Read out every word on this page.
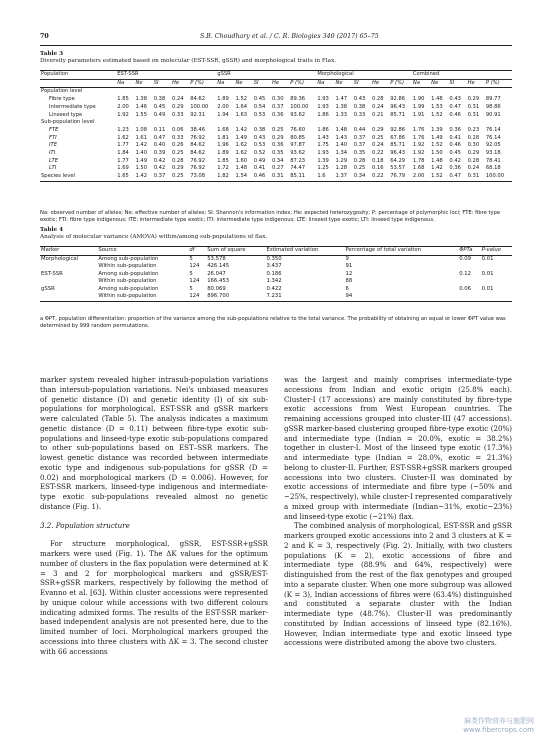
70	S.B. Choudhary et al. / C. R. Biologies 340 (2017) 65–75
Table 3
Diversity parameters estimated based on molecular (EST-SSR, gSSR) and morphological traits in Flax.
Population	EST-SSR					gSSR					Morphological					Combined				
	Na	Ne	SI	He	P (%)	Na	Ne	SI	He	P (%)	Na	Ne	SI	He	P (%)	Na	Ne	SI	He	P (%)
Population level																				
Fibre type	1.85	1.38	0.38	0.24	84.62	1.89	1.52	0.45	0.30	89.36	1.93	1.47	0.43	0.28	92.86	1.90	1.48	0.43	0.29	89.77
Intermediate type	2.00	1.46	0.45	0.29	100.00	2.00	1.64	0.54	0.37	100.00	1.93	1.38	0.38	0.24	96.43	1.99	1.53	0.47	0.31	98.86
Linseed type	1.92	1.55	0.49	0.33	92.31	1.94	1.63	0.53	0.36	93.62	1.86	1.33	0.33	0.21	85.71	1.91	1.52	0.46	0.31	90.91
Sub-population level																				
FTE	1.23	1.08	0.11	0.06	38.46	1.68	1.42	0.38	0.25	76.60	1.86	1.48	0.44	0.29	92.86	1.76	1.39	0.36	0.23	76.14
FTI	1.62	1.61	0.47	0.33	76.92	1.81	1.49	0.43	0.29	80.85	1.43	1.43	0.37	0.25	67.86	1.76	1.49	0.41	0.28	76.14
ITE	1.77	1.42	0.40	0.26	84.62	1.96	1.62	0.53	0.36	97.87	1.75	1.40	0.37	0.24	85.71	1.92	1.52	0.46	0.30	92.05
ITI	1.84	1.40	0.39	0.25	84.62	1.89	1.62	0.52	0.35	93.62	1.93	1.34	0.35	0.22	96.43	1.92	1.50	0.45	0.29	93.18
LTE	1.77	1.49	0.42	0.28	76.92	1.85	1.60	0.49	0.34	87.23	1.39	1.29	0.28	0.18	64.29	1.78	1.48	0.42	0.28	78.41
LTI	1.69	1.50	0.42	0.29	76.92	1.72	1.48	0.41	0.27	74.47	1.25	1.28	0.25	0.16	53.57	1.68	1.42	0.36	0.24	68.18
Species level	1.65	1.42	0.37	0.25	73.08	1.82	1.54	0.46	0.31	85.11	1.6	1.37	0.34	0.22	76.79	2.00	1.52	0.47	0.31	100.00
Na: observed number of alleles; Ne: effective number of alleles; SI: Shannon's information index; He: expected heterozygosity; P: percentage of polymorphic loci; FTE: fibre type exotic; FTI: fibre type indigenous; ITE: intermediate type exotic; ITI: intermediate type indigenous; LTE: linseed type exotic; LTI: linseed type indigenous.
Table 4
Analysis of molecular variance (AMOVA) within/among sub-populations of flax.
Marker	Source	df	Sum of square	Estimated variation	Percentage of total variation	ΦPTa	P-value
Morphological	Among sub-population	5	53.578	0.350	9	0.09	0.01
	Within sub-population	124	426.145	3.437	91		
EST-SSR	Among sub-population	5	26.047	0.186	12	0.12	0.01
	Within sub-population	124	166.453	1.342	88		
gSSR	Among sub-population	5	80.069	0.422	6	0.06	0.01
	Within sub-population	124	896.700	7.231	94		
a ΦPT, population differentiation: proportion of the variance among the sub-populations relative to the total variance. The probability of obtaining an equal or lower ΦPT value was determined by 999 random permutations.

marker system revealed higher intrasub-population variations than intersub-population variations. Nei's unbiased measures of genetic distance (D) and genetic identity (I) of six sub-populations for morphological, EST-SSR and gSSR markers were calculated (Table 5). The analysis indicates a maximum genetic distance (D = 0.11) between fibre-type exotic sub-populations and linseed-type exotic sub-populations compared to other sub-populations based on EST–SSR markers. The lowest genetic distance was recorded between intermediate exotic type and indigenous sub-populations for gSSR (D = 0.02) and morphological markers (D = 0.006). However, for EST-SSR markers, linseed-type indigenous and intermediate-type exotic sub-populations revealed almost no genetic distance (Fig. 1).

3.2. Population structure

For structure morphological, gSSR, EST-SSR+gSSR markers were used (Fig. 1). The ΔK values for the optimum number of clusters in the flax population were determined at K = 3 and 2 for morphological markers and gSSR/EST-SSR+gSSR markers, respectively by following the method of Evanno et al. [63]. Within cluster accessions were represented by unique colour while accessions with two different colours indicating admixed forms. The results of the EST-SSR marker-based independent analysis are not presented here, due to the limited number of loci. Morphological markers grouped the accessions into three clusters with ΔK = 3. The second cluster with 66 accessions

was the largest and mainly comprises intermediate-type accessions from Indian and exotic origin (25.8% each). Cluster-I (17 accessions) are mainly constituted by fibre-type exotic accessions from West European countries. The remaining accessions grouped into cluster-III (47 accessions). gSSR marker-based clustering grouped fibre-type exotic (20%) and intermediate type (Indian = 20.0%, exotic = 38.2%) together in cluster-I. Most of the linseed type exotic (17.3%) and intermediate type (Indian = 28.0%, exotic = 21.3%) belong to cluster-II. Further, EST-SSR+gSSR markers grouped accessions into two clusters. Cluster-II was dominated by exotic accessions of intermediate and fibre type (~50% and ~25%, respectively), while cluster-I represented comparatively a mixed group with intermediate (Indian~31%, exotic~23%) and linseed-type exotic (~21%) flax.

The combined analysis of morphological, EST-SSR and gSSR markers grouped exotic accessions into 2 and 3 clusters at K = 2 and K = 3, respectively (Fig. 2). Initially, with two clusters populations (K = 2), exotic accessions of fibre and intermediate type (88.9% and 64%, respectively) were distinguished from the rest of the flax genotypes and grouped into a separate cluster. When one more subgroup was allowed (K = 3), Indian accessions of fibres were (63.4%) distinguished and constituted a separate cluster with the Indian intermediate type (48.7%). Cluster-II was predominantly constituted by Indian accessions of linseed type (82.16%). However, Indian intermediate type and exotic linseed type accessions were distributed among the above two clusters.

麻类作物营养与施肥网
www.fibercrops.com
